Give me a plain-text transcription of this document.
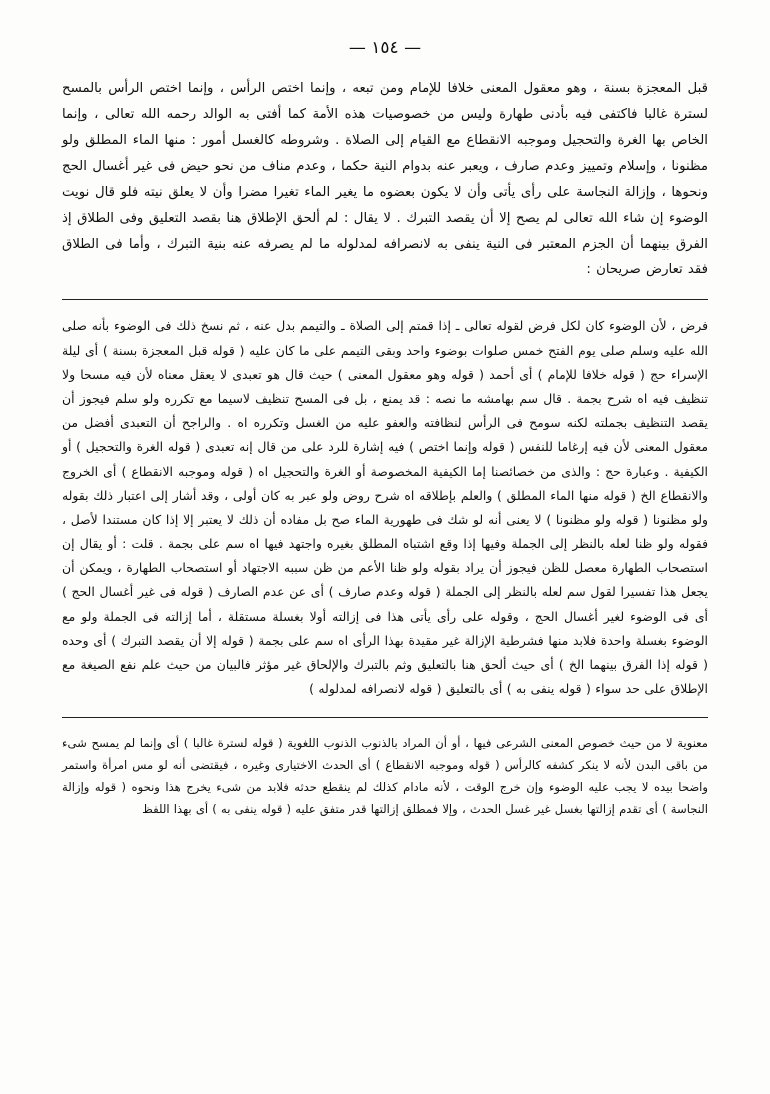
— ١٥٤ —

قبل المعجزة بسنة ، وهو معقول المعنى خلافا للإمام ومن تبعه ، وإنما اختص الرأس ، وإنما اختص الرأس بالمسح لسترة غالبا فاكتفى فيه بأدنى طهارة وليس من خصوصيات هذه الأمة كما أفتى به الوالد رحمه الله تعالى ، وإنما الخاص بها الغرة والتحجيل وموجبه الانقطاع مع القيام إلى الصلاة . وشروطه كالغسل أمور : منها الماء المطلق ولو مظنونا ، وإسلام وتمييز وعدم صارف ، ويعبر عنه بدوام النية حكما ، وعدم مناف من نحو حيض فى غير أغسال الحج ونحوها ، وإزالة النجاسة على رأى يأتى وأن لا يكون بعضوه ما يغير الماء تغيرا مضرا وأن لا يعلق نيته فلو قال نويت الوضوء إن شاء الله تعالى لم يصح إلا أن يقصد التبرك . لا يقال : لم ألحق الإطلاق هنا بقصد التعليق وفى الطلاق إذ الفرق بينهما أن الجزم المعتبر فى النية ينفى به لانصرافه لمدلوله ما لم يصرفه عنه بنية التبرك ، وأما فى الطلاق فقد تعارض صريحان :

فرض ، لأن الوضوء كان لكل فرض لقوله تعالى ـ إذا قمتم إلى الصلاة ـ والتيمم بدل عنه ، ثم نسخ ذلك فى الوضوء بأنه صلى الله عليه وسلم صلى يوم الفتح خمس صلوات بوضوء واحد وبقى التيمم على ما كان عليه ( قوله قبل المعجزة بسنة ) أى ليلة الإسراء حج ( قوله خلافا للإمام ) أى أحمد ( قوله وهو معقول المعنى ) حيث قال هو تعبدى لا يعقل معناه لأن فيه مسحا ولا تنظيف فيه اه شرح بجمة . قال سم بهامشه ما نصه : قد يمنع ، بل فى المسح تنظيف لاسيما مع تكرره ولو سلم فيجوز أن يقصد التنظيف بجملته لكنه سومح فى الرأس لنظافته والعفو عليه من الغسل وتكرره اه . والراجح أن التعبدى أفضل من معقول المعنى لأن فيه إرغاما للنفس ( قوله وإنما اختص ) فيه إشارة للرد على من قال إنه تعبدى ( قوله الغرة والتحجيل ) أو الكيفية . وعبارة حج : والذى من خصائصنا إما الكيفية المخصوصة أو الغرة والتحجيل اه ( قوله وموجبه الانقطاع ) أى الخروج والانقطاع الخ ( قوله منها الماء المطلق ) والعلم بإطلاقه اه شرح روض ولو عبر به كان أولى ، وقد أشار إلى اعتبار ذلك بقوله ولو مظنونا ( قوله ولو مظنونا ) لا يعنى أنه لو شك فى طهورية الماء صح بل مفاده أن ذلك لا يعتبر إلا إذا كان مستندا لأصل ، فقوله ولو ظنا لعله بالنظر إلى الجملة وفيها إذا وقع اشتباه المطلق بغيره واجتهد فيها اه سم على بجمة . قلت : أو يقال إن استصحاب الطهارة معصل للظن فيجوز أن يراد بقوله ولو ظنا الأعم من ظن سببه الاجتهاد أو استصحاب الطهارة ، ويمكن أن يجعل هذا تفسيرا لقول سم لعله بالنظر إلى الجملة ( قوله وعدم صارف ) أى عن عدم الصارف ( قوله فى غير أغسال الحج ) أى فى الوضوء لغير أغسال الحج ، وقوله على رأى يأتى هذا فى إزالته أولا بغسلة مستقلة ، أما إزالته فى الجملة ولو مع الوضوء بغسلة واحدة فلابد منها فشرطية الإزالة غير مقيدة بهذا الرأى اه سم على بجمة ( قوله إلا أن يقصد التبرك ) أى وحده ( قوله إذا الفرق بينهما الخ ) أى حيث ألحق هنا بالتعليق وثم بالتبرك والإلحاق غير مؤثر فالبيان من حيث علم نفع الصيغة مع الإطلاق على حد سواء ( قوله ينفى به ) أى بالتعليق ( قوله لانصرافه لمدلوله )

معنوية لا من حيث خصوص المعنى الشرعى فيها ، أو أن المراد بالذنوب الذنوب اللغوية ( قوله لسترة غالبا ) أى وإنما لم يمسح شىء من باقى البدن لأنه لا ينكر كشفه كالرأس ( قوله وموجبه الانقطاع ) أى الحدث الاختيارى وغيره ، فيقتضى أنه لو مس امرأة واستمر واضحا بيده لا يجب عليه الوضوء وإن خرج الوقت ، لأنه مادام كذلك لم ينقطع حدثه فلابد من شىء يخرج هذا ونحوه ( قوله وإزالة النجاسة ) أى تقدم إزالتها بغسل غير غسل الحدث ، وإلا فمطلق إزالتها قدر متفق عليه ( قوله ينفى به ) أى بهذا اللفظ
